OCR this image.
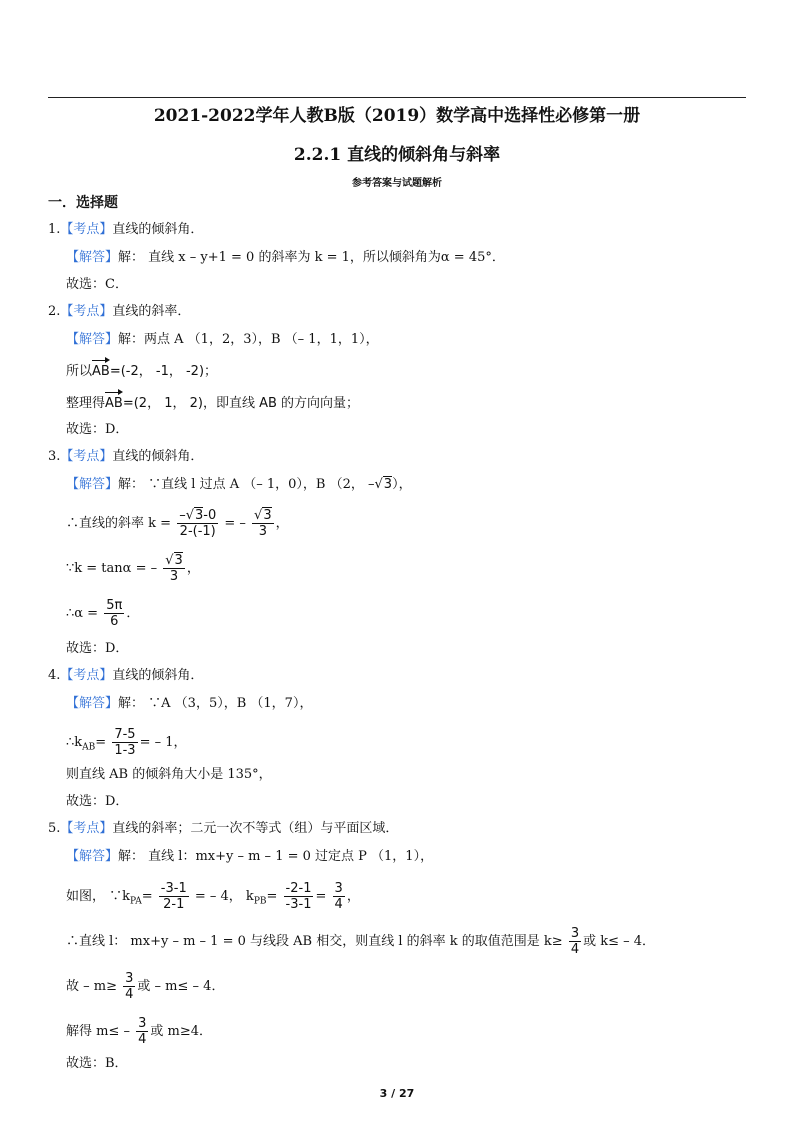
2021-2022学年人教B版（2019）数学高中选择性必修第一册
2.2.1 直线的倾斜角与斜率
参考答案与试题解析
一．选择题
1.【考点】直线的倾斜角．
【解答】解： 直线 x – y+1 = 0 的斜率为 k = 1，所以倾斜角为α = 45°．
故选：C．
2.【考点】直线的斜率．
【解答】解：两点 A （1，2，3），B （– 1，1，1），
所以AB=(-2， -1， -2)；
整理得AB=(2， 1， 2)，即直线 AB 的方向向量；
故选：D．
3.【考点】直线的倾斜角．
【解答】解： ∵直线 l 过点 A （– 1，0），B （2， –√3），
∴直线的斜率 $k = \frac{-√3-0}{2-(-1)}$ = – $\frac{√3}{3}$ ，
∵k = tanα = – $\frac{√3}{3}$ ，
∴α = $\frac{5\pi}{6}$ ．
故选：D．
4.【考点】直线的倾斜角．
【解答】解： ∵A （3，5），B （1，7），
$\therefore k_{AB}= \frac{7-5}{1-3}$ = – 1，
则直线 AB 的倾斜角大小是 135°，
故选：D．
5.【考点】直线的斜率；二元一次不等式（组）与平面区域．
【解答】解： 直线 l：mx+y – m – 1 = 0 过定点 P （1，1），
如图， $\because k_{PA}= \frac{-3-1}{2-1}$ = – 4， $k_{PB}= \frac{-2-1}{-3-1} = \frac{3}{4}$ ，
∴直线 l： mx+y – m – 1 = 0 与线段 AB 相交，则直线 l 的斜率 k 的取值范围是 $k\ge \frac{3}{4}$ 或 k≤ – 4．
故 – $m\ge \frac{3}{4}$ 或 – m≤ – 4．
解得 $m\le - \frac{3}{4}$ 或 m≥4．
故选：B．
3 / 27
